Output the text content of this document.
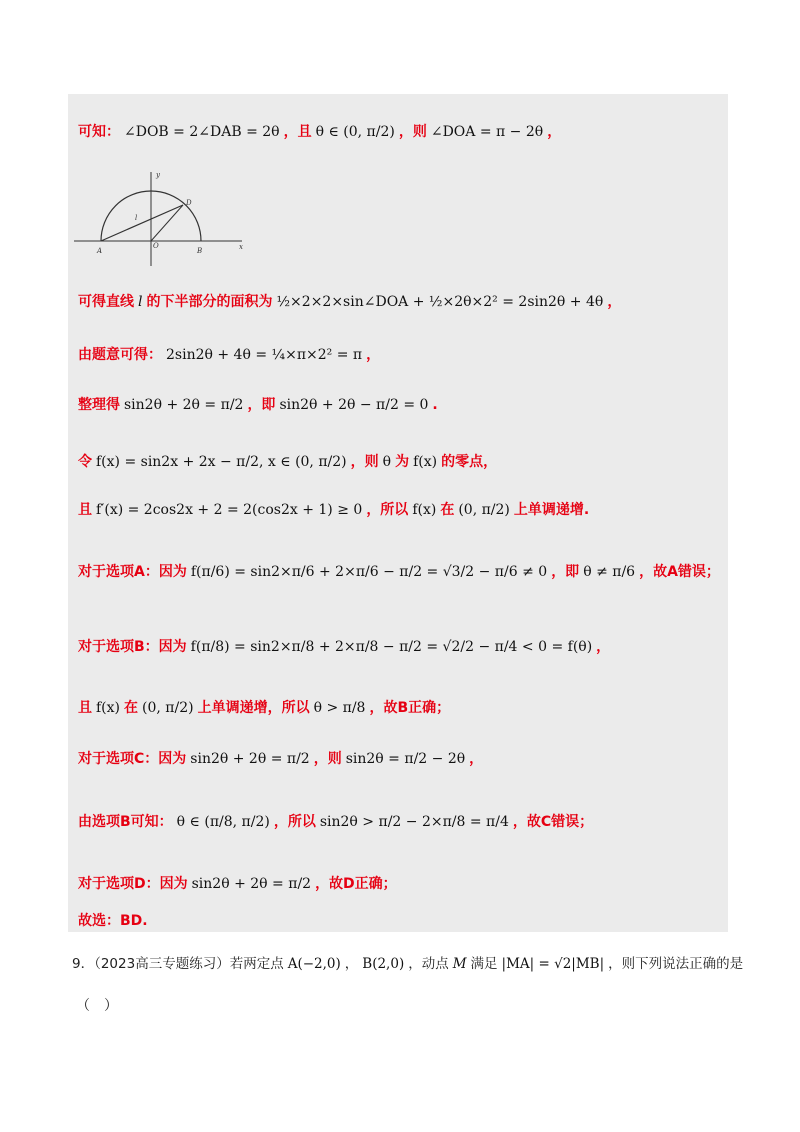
可知： ∠DOB = 2∠DAB = 2θ ，且 θ ∈ (0, π/2) ，则 ∠DOA = π − 2θ ，
y
x
A
O
B
D
l
可得直线 l 的下半部分的面积为 ½×2×2×sin∠DOA + ½×2θ×2² = 2sin2θ + 4θ ，
由题意可得： 2sin2θ + 4θ = ¼×π×2² = π ，
整理得 sin2θ + 2θ = π/2 ，即 sin2θ + 2θ − π/2 = 0 .
令 f(x) = sin2x + 2x − π/2, x ∈ (0, π/2) ，则 θ 为 f(x) 的零点，
且 f′(x) = 2cos2x + 2 = 2(cos2x + 1) ≥ 0 ，所以 f(x) 在 (0, π/2) 上单调递增.
对于选项A：因为 f(π/6) = sin2×π/6 + 2×π/6 − π/2 = √3/2 − π/6 ≠ 0 ，即 θ ≠ π/6 ，故A错误；
对于选项B：因为 f(π/8) = sin2×π/8 + 2×π/8 − π/2 = √2/2 − π/4 < 0 = f(θ) ，
且 f(x) 在 (0, π/2) 上单调递增，所以 θ > π/8 ，故B正确；
对于选项C：因为 sin2θ + 2θ = π/2 ，则 sin2θ = π/2 − 2θ ，
由选项B可知： θ ∈ (π/8, π/2) ，所以 sin2θ > π/2 − 2×π/8 = π/4 ，故C错误；
对于选项D：因为 sin2θ + 2θ = π/2 ，故D正确；
故选：BD.
9．（2023高三专题练习）若两定点 A(−2,0) ， B(2,0) ，动点 M 满足 |MA| = √2|MB| ，则下列说法正确的是
（　）
